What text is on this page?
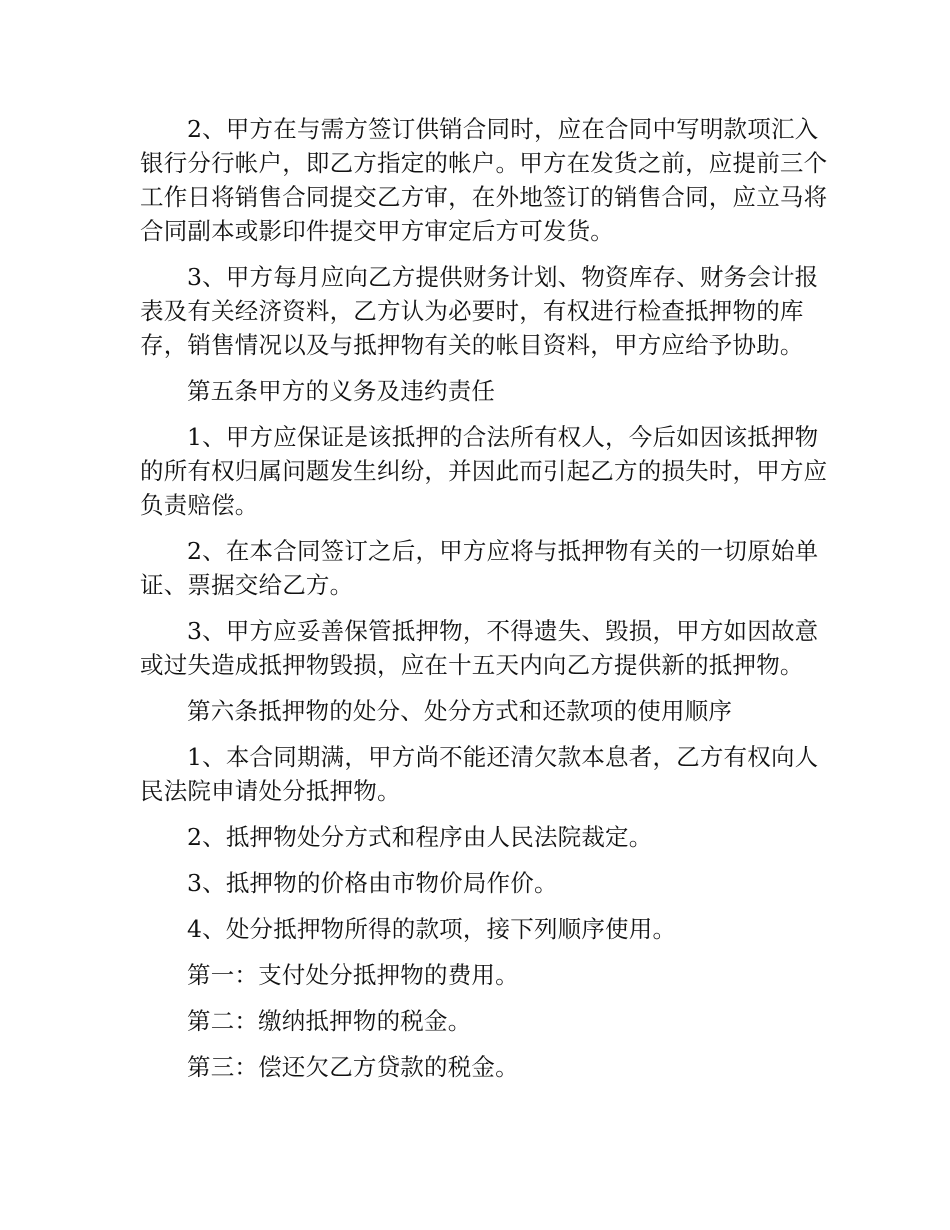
2、甲方在与需方签订供销合同时，应在合同中写明款项汇入银行分行帐户，即乙方指定的帐户。甲方在发货之前，应提前三个工作日将销售合同提交乙方审，在外地签订的销售合同，应立马将合同副本或影印件提交甲方审定后方可发货。

3、甲方每月应向乙方提供财务计划、物资库存、财务会计报表及有关经济资料，乙方认为必要时，有权进行检查抵押物的库存，销售情况以及与抵押物有关的帐目资料，甲方应给予协助。

第五条甲方的义务及违约责任

1、甲方应保证是该抵押的合法所有权人，今后如因该抵押物的所有权归属问题发生纠纷，并因此而引起乙方的损失时，甲方应负责赔偿。

2、在本合同签订之后，甲方应将与抵押物有关的一切原始单证、票据交给乙方。

3、甲方应妥善保管抵押物，不得遗失、毁损，甲方如因故意或过失造成抵押物毁损，应在十五天内向乙方提供新的抵押物。

第六条抵押物的处分、处分方式和还款项的使用顺序

1、本合同期满，甲方尚不能还清欠款本息者，乙方有权向人民法院申请处分抵押物。

2、抵押物处分方式和程序由人民法院裁定。

3、抵押物的价格由市物价局作价。

4、处分抵押物所得的款项，接下列顺序使用。

第一：支付处分抵押物的费用。

第二：缴纳抵押物的税金。

第三：偿还欠乙方贷款的税金。
